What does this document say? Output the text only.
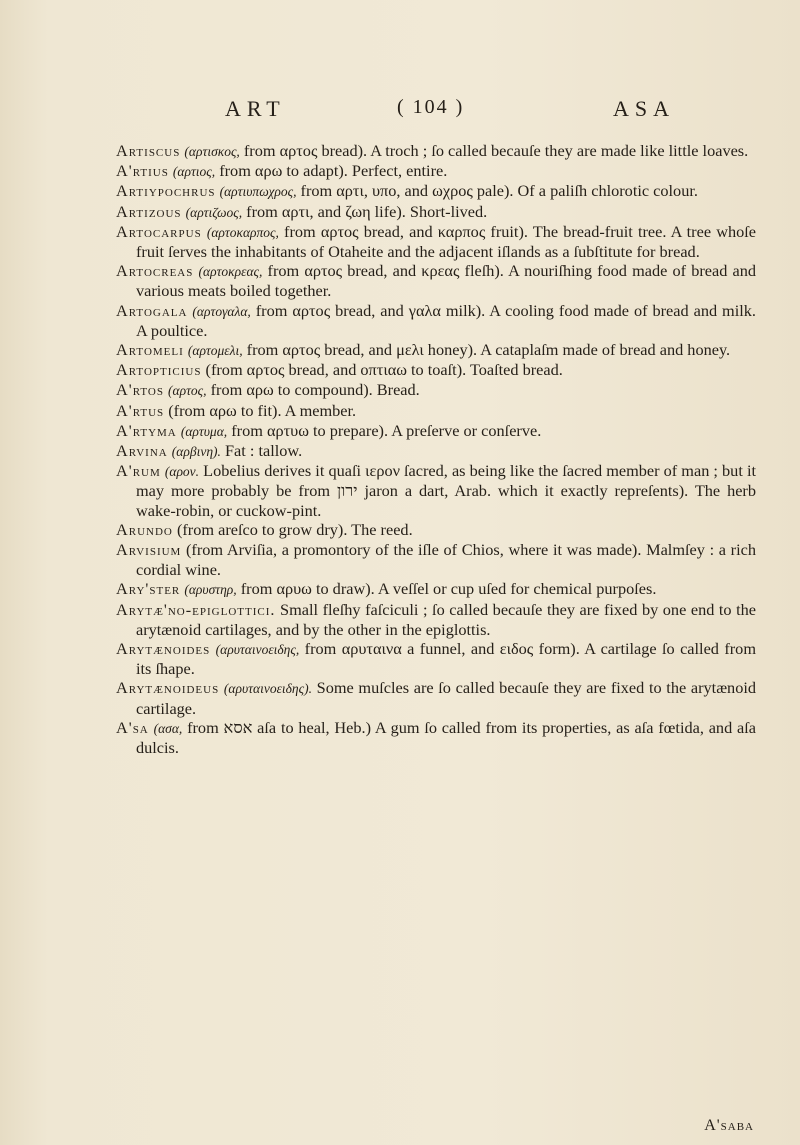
ART	( 104 )	ASA

Artiscus (αρτισκος, from αρτος bread). A troch ; ſo called becauſe they are made like little loaves.

A'rtius (αρτιος, from αρω to adapt). Perfect, entire.

Artiypochrus (αρτιυπωχρος, from αρτι, υπο, and ωχρος pale). Of a paliſh chlorotic colour.

Artizous (αρτιζωος, from αρτι, and ζωη life). Short-lived.

Artocarpus (αρτοκαρπος, from αρτος bread, and καρπος fruit). The bread-fruit tree. A tree whoſe fruit ſerves the inhabitants of Otaheite and the adjacent iſlands as a ſubſtitute for bread.

Artocreas (αρτοκρεας, from αρτος bread, and κρεας fleſh). A nouriſhing food made of bread and various meats boiled together.

Artogala (αρτογαλα, from αρτος bread, and γαλα milk). A cooling food made of bread and milk. A poultice.

Artomeli (αρτομελι, from αρτος bread, and μελι honey). A cataplaſm made of bread and honey.

Artopticius (from αρτος bread, and οπτιαω to toaſt). Toaſted bread.

A'rtos (αρτος, from αρω to compound). Bread.

A'rtus (from αρω to fit). A member.

A'rtyma (αρτυμα, from αρτυω to prepare). A preſerve or conſerve.

Arvina (αρβινη). Fat : tallow.

A'rum (αρον. Lobelius derives it quaſi ιερον ſacred, as being like the ſacred member of man ; but it may more probably be from ירון jaron a dart, Arab. which it exactly repreſents). The herb wake-robin, or cuckow-pint.

Arundo (from areſco to grow dry). The reed.

Arvisium (from Arviſia, a promontory of the iſle of Chios, where it was made). Malmſey : a rich cordial wine.

Ary'ster (αρυστηρ, from αρυω to draw). A veſſel or cup uſed for chemical purpoſes.

Arytæ'no-epiglottici. Small fleſhy faſciculi ; ſo called becauſe they are fixed by one end to the arytænoid cartilages, and by the other in the epiglottis.

Arytænoides (αρυταινοειδης, from αρυταινα a funnel, and ειδος form). A cartilage ſo called from its ſhape.

Arytænoideus (αρυταινοειδης). Some muſcles are ſo called becauſe they are fixed to the arytænoid cartilage.

A'sa (ασα, from אסא aſa to heal, Heb.) A gum ſo called from its properties, as aſa fœtida, and aſa dulcis.

A'saba
